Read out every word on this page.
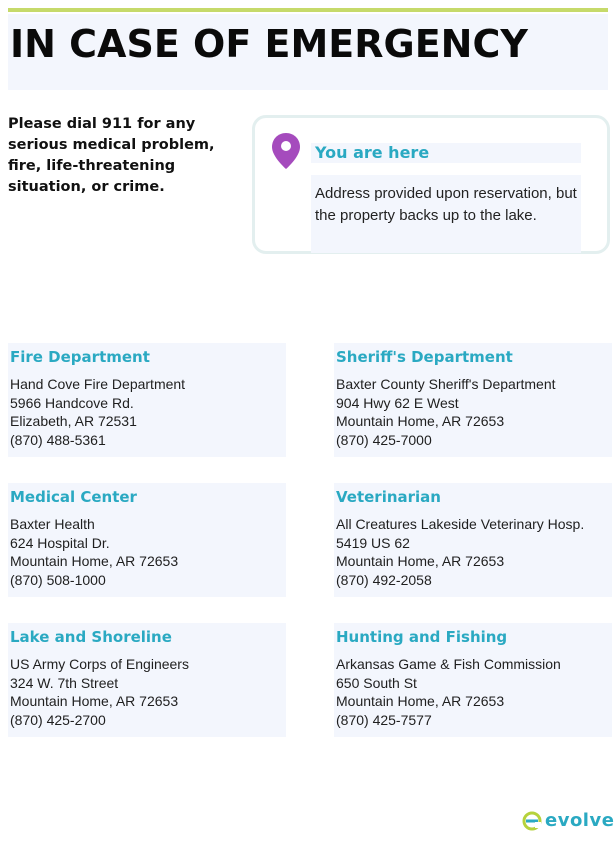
IN CASE OF EMERGENCY

Please dial 911 for any serious medical problem, fire, life-threatening situation, or crime.

You are here

Address provided upon reservation, but the property backs up to the lake.

Fire Department
Hand Cove Fire Department
5966 Handcove Rd.
Elizabeth, AR 72531
(870) 488-5361
Sheriff's Department
Baxter County Sheriff's Department
904 Hwy 62 E West
Mountain Home, AR 72653
(870) 425-7000
Medical Center
Baxter Health
624 Hospital Dr.
Mountain Home, AR 72653
(870) 508-1000
Veterinarian
All Creatures Lakeside Veterinary Hosp.
5419 US 62
Mountain Home, AR 72653
(870) 492-2058
Lake and Shoreline
US Army Corps of Engineers
324 W. 7th Street
Mountain Home, AR 72653
(870) 425-2700
Hunting and Fishing
Arkansas Game & Fish Commission
650 South St
Mountain Home, AR 72653
(870) 425-7577
evolve
